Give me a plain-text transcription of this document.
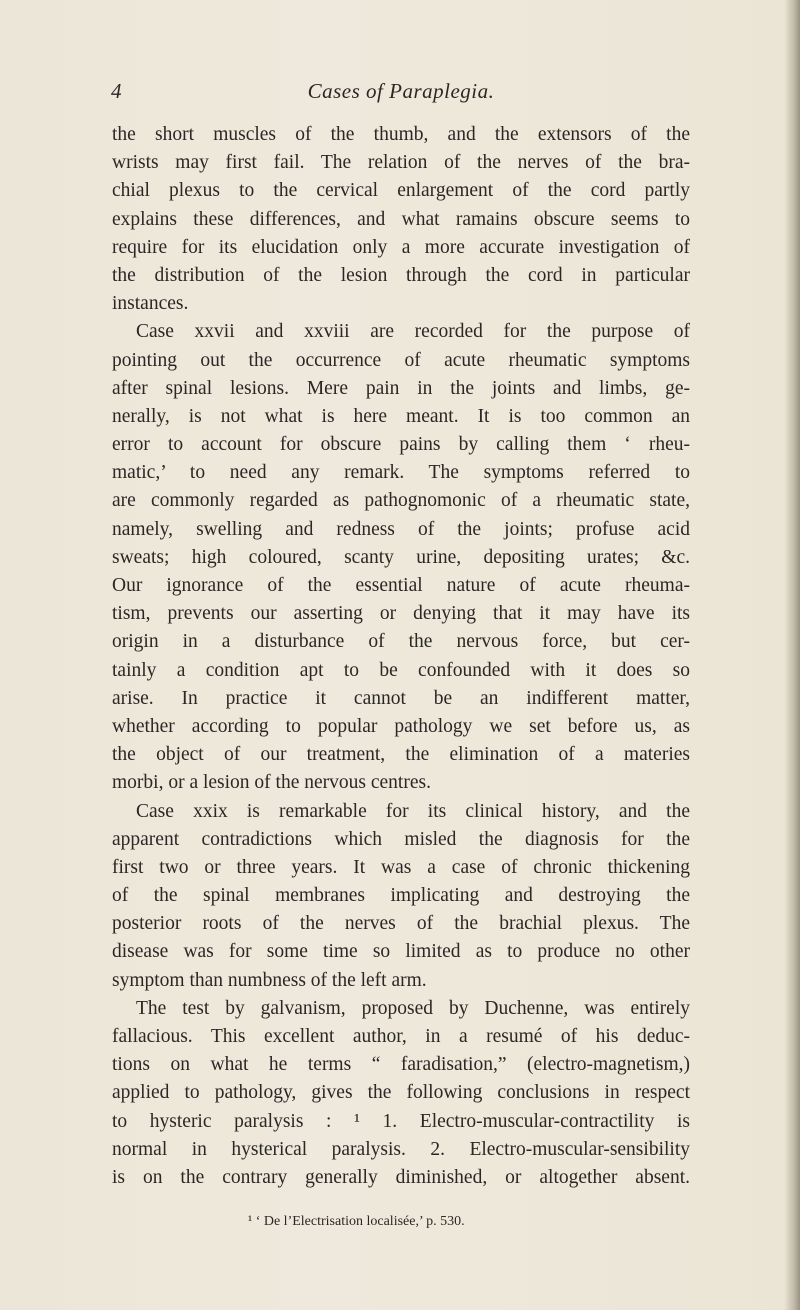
4	Cases of Paraplegia.
the short muscles of the thumb, and the extensors of the
wrists may first fail. The relation of the nerves of the bra-
chial plexus to the cervical enlargement of the cord partly
explains these differences, and what ramains obscure seems to
require for its elucidation only a more accurate investigation of
the distribution of the lesion through the cord in particular
instances.
Case xxvii and xxviii are recorded for the purpose of
pointing out the occurrence of acute rheumatic symptoms
after spinal lesions. Mere pain in the joints and limbs, ge-
nerally, is not what is here meant. It is too common an
error to account for obscure pains by calling them ‘ rheu-
matic,’ to need any remark. The symptoms referred to
are commonly regarded as pathognomonic of a rheumatic state,
namely, swelling and redness of the joints; profuse acid
sweats; high coloured, scanty urine, depositing urates; &c.
Our ignorance of the essential nature of acute rheuma-
tism, prevents our asserting or denying that it may have its
origin in a disturbance of the nervous force, but cer-
tainly a condition apt to be confounded with it does so
arise. In practice it cannot be an indifferent matter,
whether according to popular pathology we set before us, as
the object of our treatment, the elimination of a materies
morbi, or a lesion of the nervous centres.
Case xxix is remarkable for its clinical history, and the
apparent contradictions which misled the diagnosis for the
first two or three years. It was a case of chronic thickening
of the spinal membranes implicating and destroying the
posterior roots of the nerves of the brachial plexus. The
disease was for some time so limited as to produce no other
symptom than numbness of the left arm.
The test by galvanism, proposed by Duchenne, was entirely
fallacious. This excellent author, in a resumé of his deduc-
tions on what he terms “ faradisation,” (electro-magnetism,)
applied to pathology, gives the following conclusions in respect
to hysteric paralysis : ¹ 1. Electro-muscular-contractility is
normal in hysterical paralysis. 2. Electro-muscular-sensibility
is on the contrary generally diminished, or altogether absent.
¹ ‘ De l’Electrisation localisée,’ p. 530.
